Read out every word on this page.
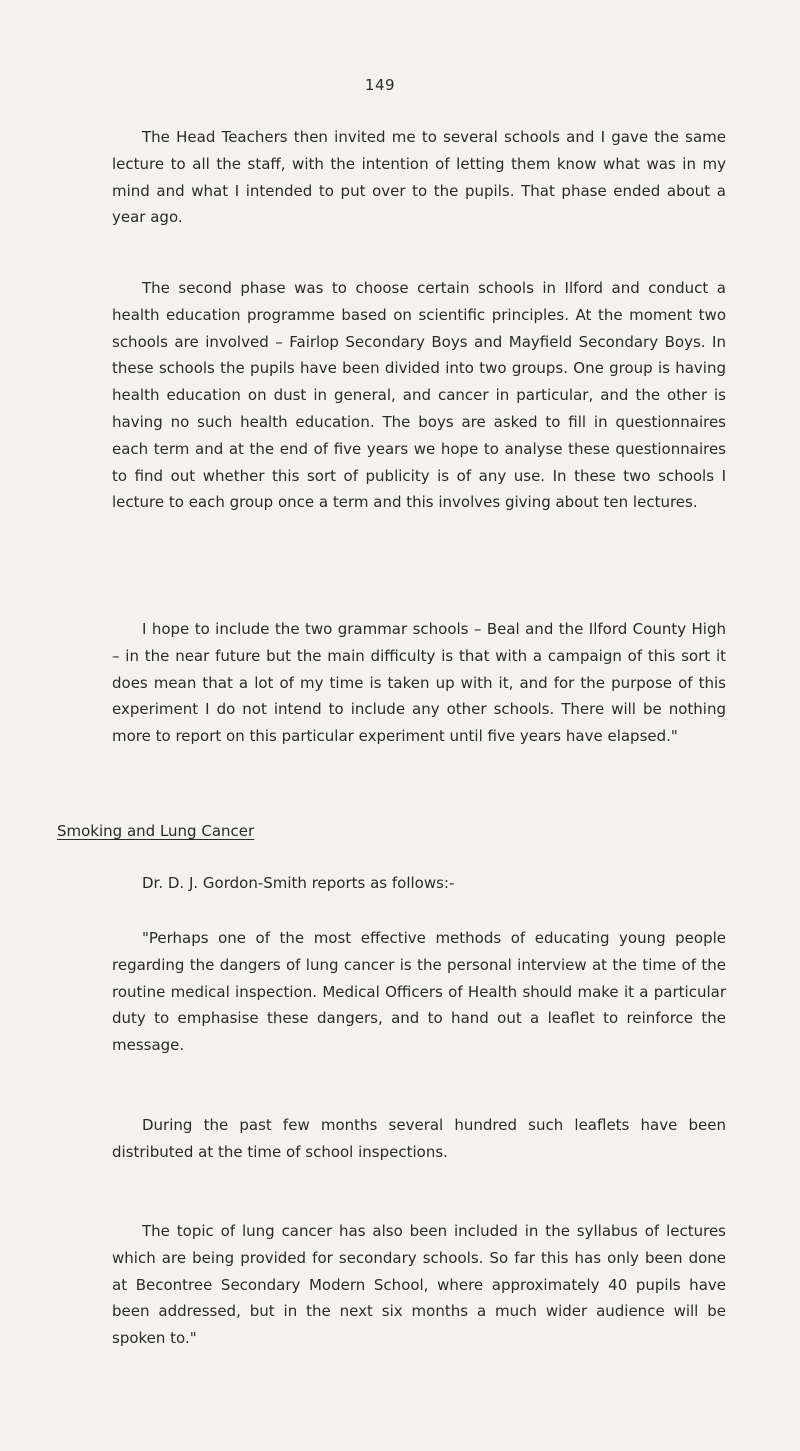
149

The Head Teachers then invited me to several schools and I gave the same lecture to all the staff, with the intention of letting them know what was in my mind and what I intended to put over to the pupils. That phase ended about a year ago.

The second phase was to choose certain schools in Ilford and conduct a health education programme based on scientific principles. At the moment two schools are involved – Fairlop Secondary Boys and Mayfield Secondary Boys. In these schools the pupils have been divided into two groups. One group is having health education on dust in general, and cancer in particular, and the other is having no such health education. The boys are asked to fill in questionnaires each term and at the end of five years we hope to analyse these questionnaires to find out whether this sort of publicity is of any use. In these two schools I lecture to each group once a term and this involves giving about ten lectures.

I hope to include the two grammar schools – Beal and the Ilford County High – in the near future but the main difficulty is that with a campaign of this sort it does mean that a lot of my time is taken up with it, and for the purpose of this experiment I do not intend to include any other schools. There will be nothing more to report on this particular experiment until five years have elapsed."

Smoking and Lung Cancer

Dr. D. J. Gordon-Smith reports as follows:-

"Perhaps one of the most effective methods of educating young people regarding the dangers of lung cancer is the personal interview at the time of the routine medical inspection. Medical Officers of Health should make it a particular duty to emphasise these dangers, and to hand out a leaflet to reinforce the message.

During the past few months several hundred such leaflets have been distributed at the time of school inspections.

The topic of lung cancer has also been included in the syllabus of lectures which are being provided for secondary schools. So far this has only been done at Becontree Secondary Modern School, where approximately 40 pupils have been addressed, but in the next six months a much wider audience will be spoken to."
